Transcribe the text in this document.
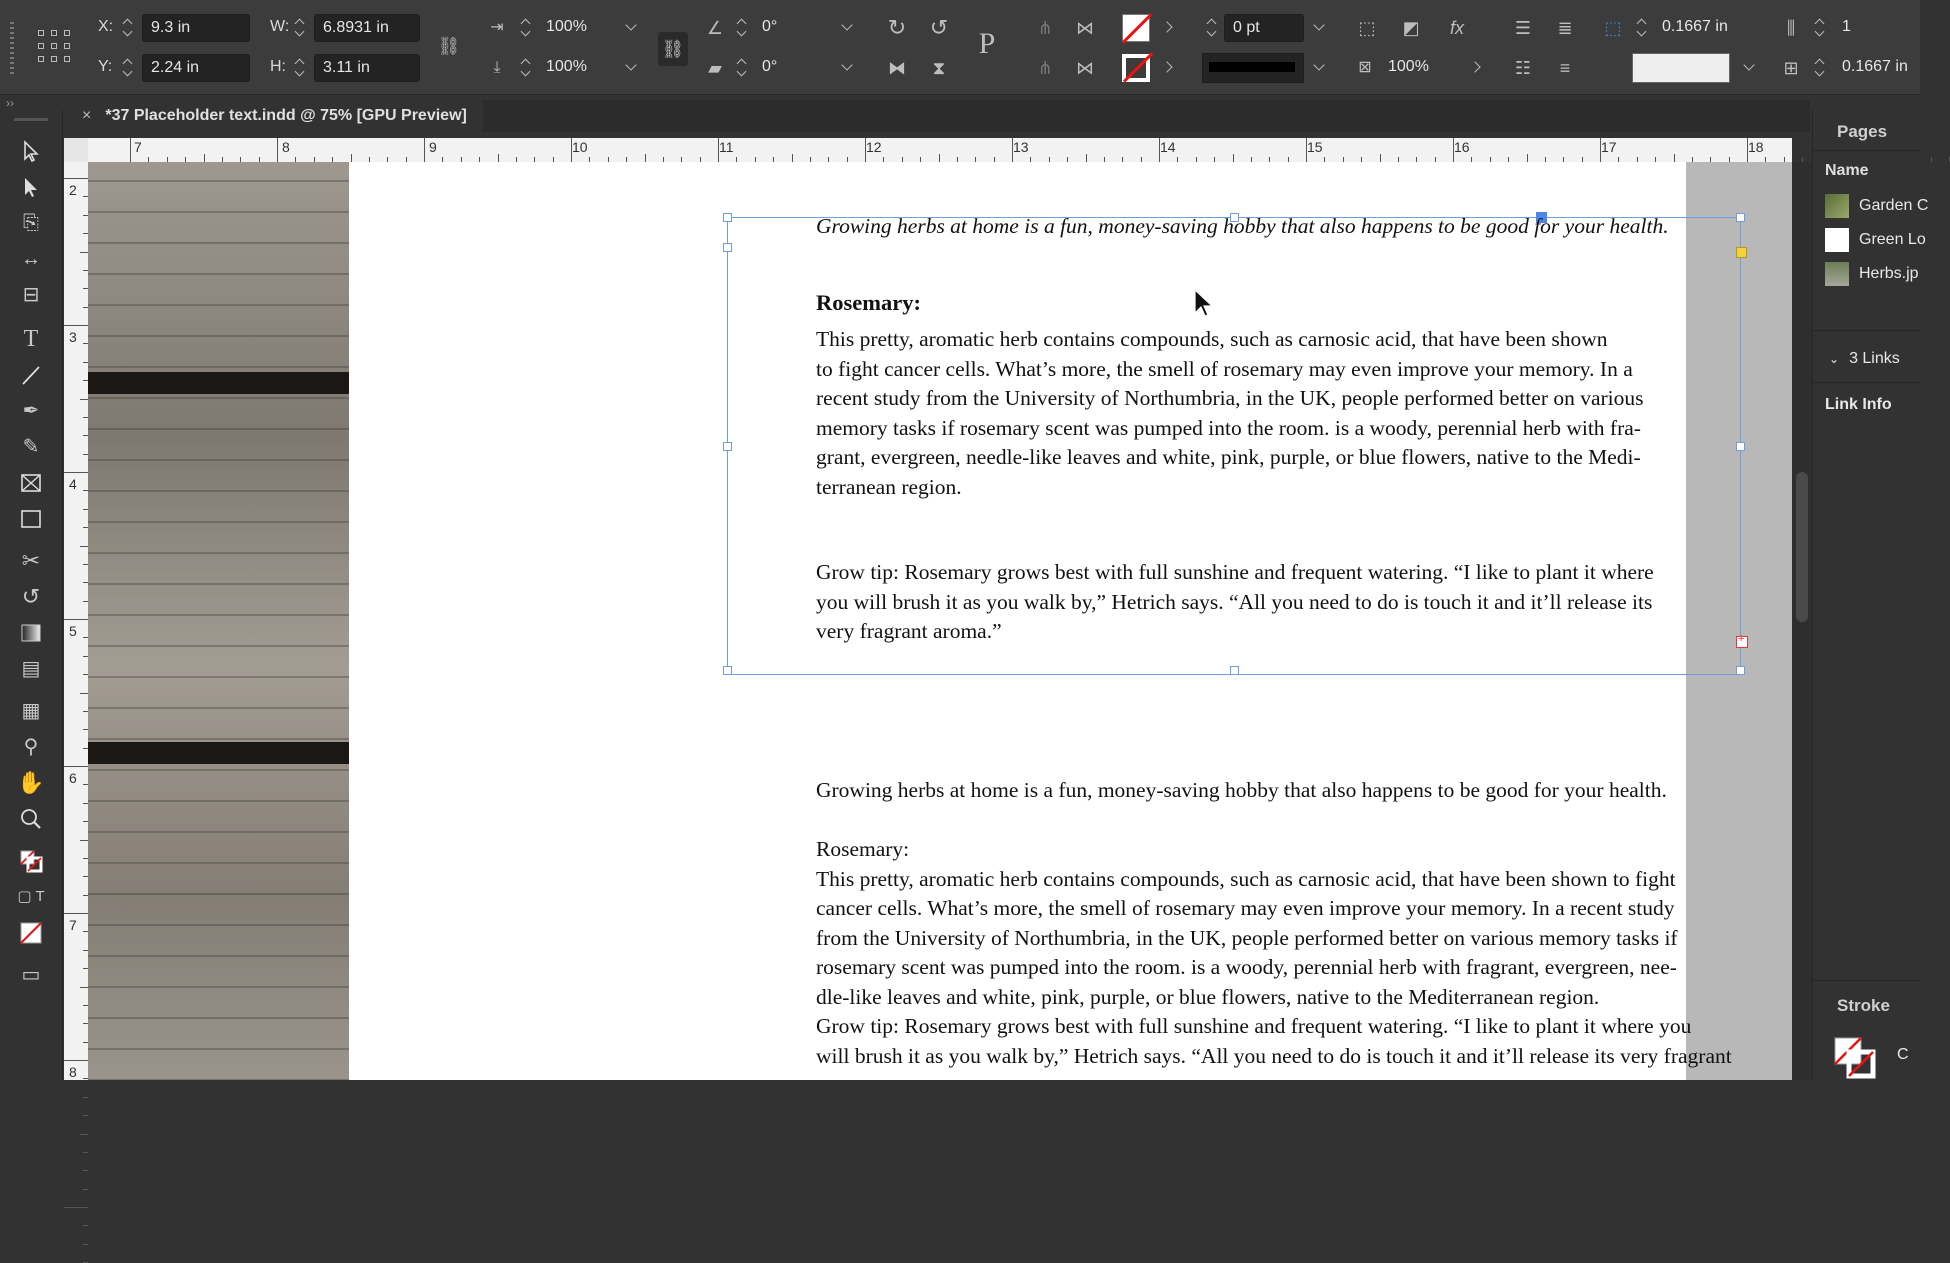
X:	9.3 in
Y:	2.24 in
W:	6.8931 in
H:	3.11 in
⛓
⇥	100%
⤓	100%
⛓
∠	0°
▰	0°
↻ ↺
⧓	⧗
P	⋔	⋈
⋔	⋈
0 pt	⬚	◩	fx
⊠	100%
☰	≣
☷	≡
⬚	0.1667 in	⫼	1
⊞	0.1667 in
››
× *37 Placeholder text.indd @ 75% [GPU Preview]
⎘
↔
⊟
T
✒
✎
✂
↺
▤
▦
⚲
✋
▢ T
▭
7	8	9	10	11	12	13	14	15	16	17	18
2
3
4
5
6
7
8
+
Growing herbs at home is a fun, money-saving hobby that also happens to be good for your health.
Rosemary:

This pretty, aromatic herb contains compounds, such as carnosic acid, that have been shown

to fight cancer cells. What’s more, the smell of rosemary may even improve your memory. In a

recent study from the University of Northumbria, in the UK, people performed better on various

memory tasks if rosemary scent was pumped into the room. is a woody, perennial herb with fra-

grant, evergreen, needle-like leaves and white, pink, purple, or blue flowers, native to the Medi-

terranean region.

Grow tip: Rosemary grows best with full sunshine and frequent watering. “I like to plant it where

you will brush it as you walk by,” Hetrich says. “All you need to do is touch it and it’ll release its

very fragrant aroma.”

Growing herbs at home is a fun, money-saving hobby that also happens to be good for your health.

Rosemary:

This pretty, aromatic herb contains compounds, such as carnosic acid, that have been shown to fight

cancer cells. What’s more, the smell of rosemary may even improve your memory. In a recent study

from the University of Northumbria, in the UK, people performed better on various memory tasks if

rosemary scent was pumped into the room. is a woody, perennial herb with fragrant, evergreen, nee-

dle-like leaves and white, pink, purple, or blue flowers, native to the Mediterranean region.

Grow tip: Rosemary grows best with full sunshine and frequent watering. “I like to plant it where you

will brush it as you walk by,” Hetrich says. “All you need to do is touch it and it’ll release its very fragrant

Pages
Name
Garden C
Green Lo
Herbs.jp
⌄ 3 Links
Link Info
Stroke
C
